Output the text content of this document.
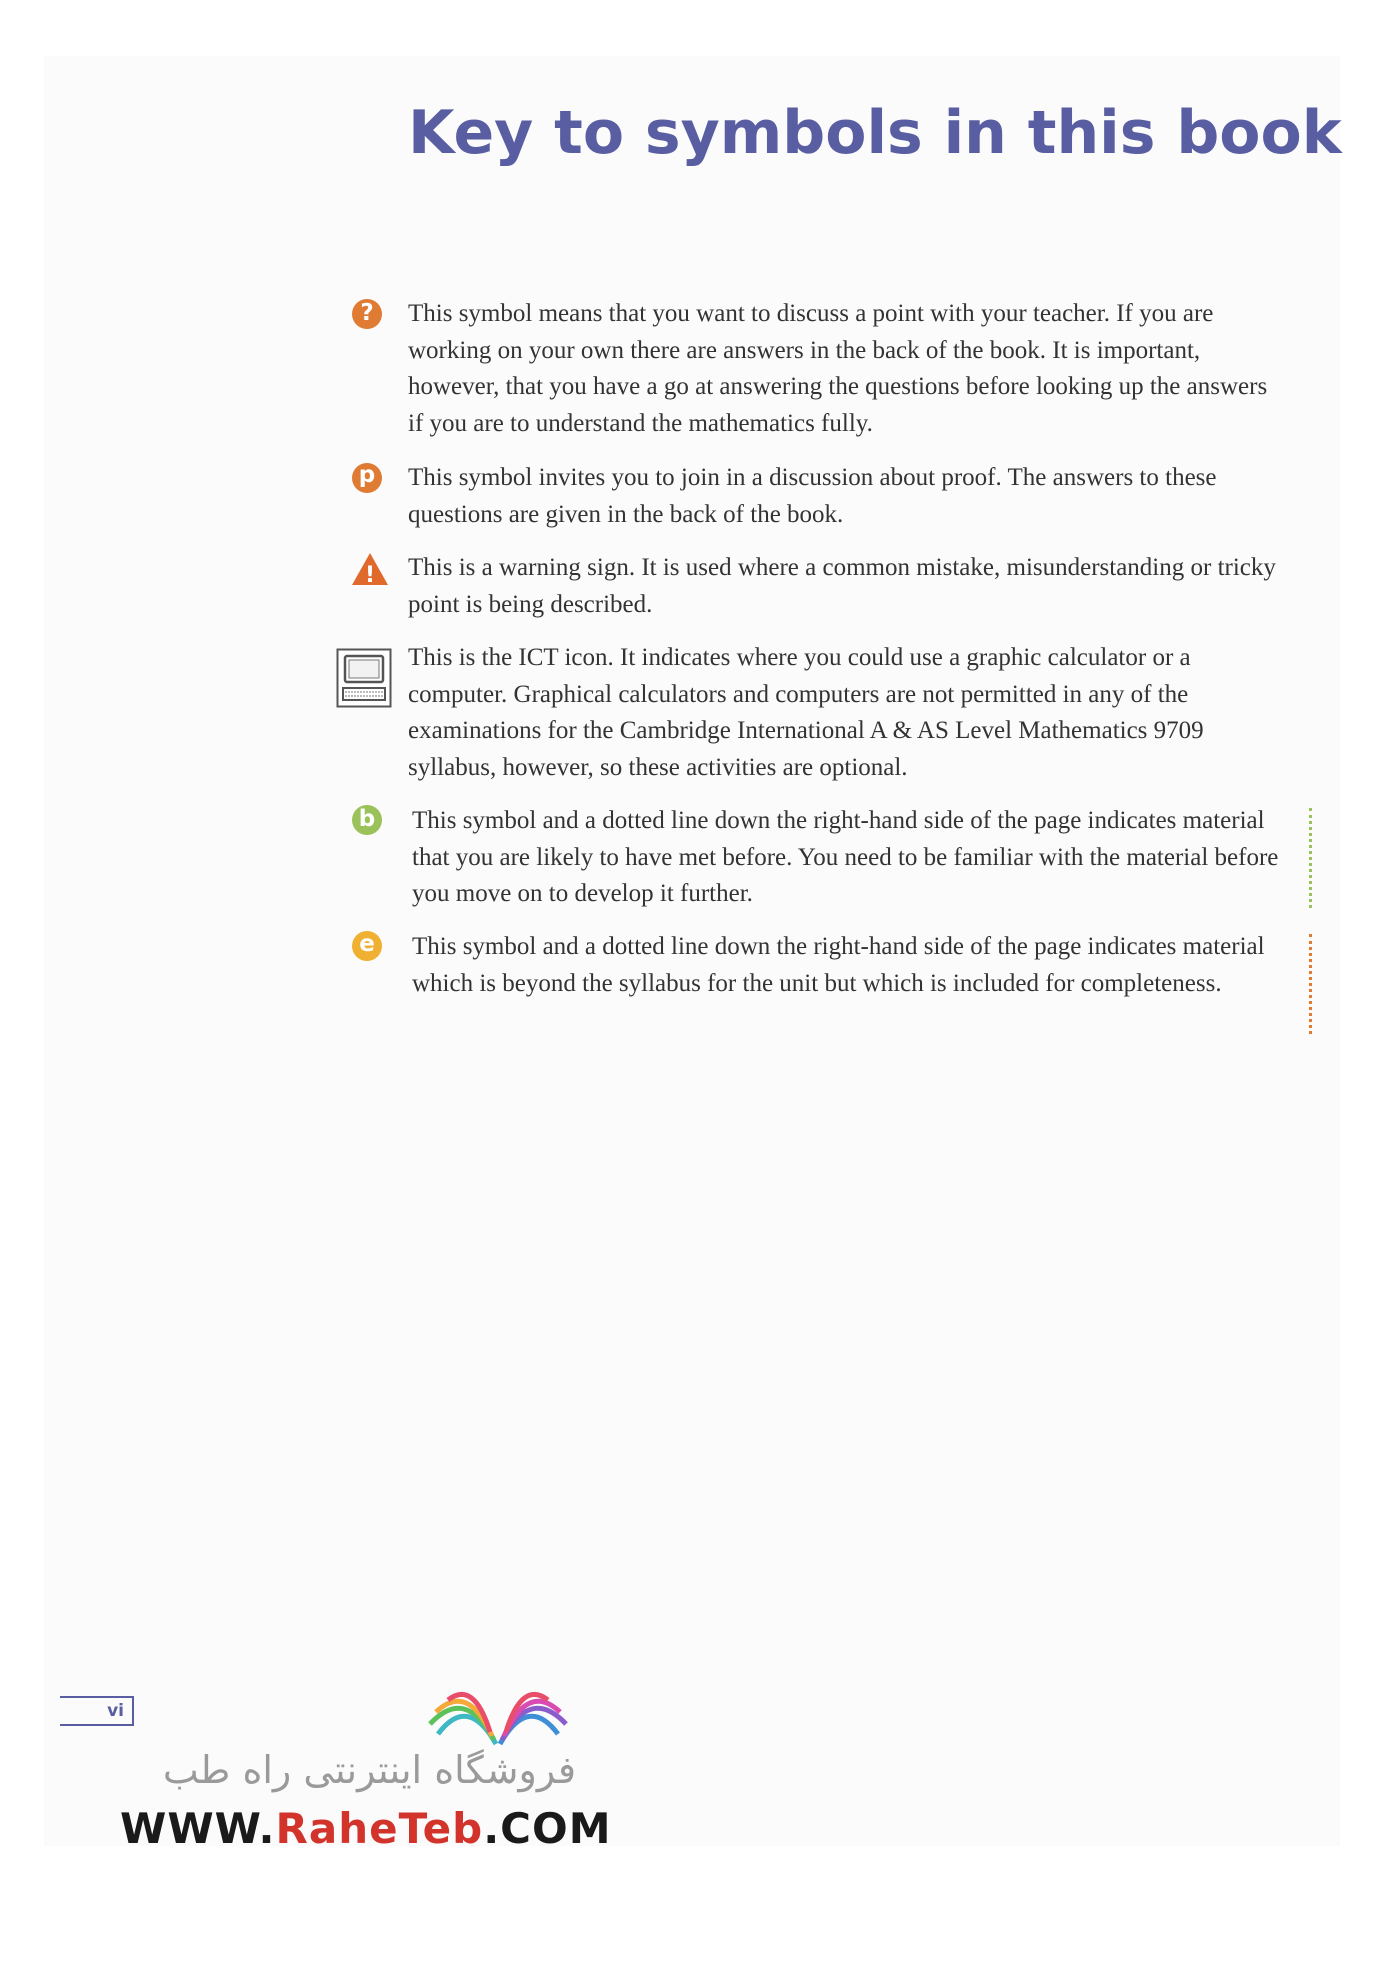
Key to symbols in this book
?	This symbol means that you want to discuss a point with your teacher. If you are working on your own there are answers in the back of the book. It is important, however, that you have a go at answering the questions before looking up the answers if you are to understand the mathematics fully.

p This symbol invites you to join in a discussion about proof. The answers to these questions are given in the back of the book.

! This is a warning sign. It is used where a common mistake, misunderstanding or tricky point is being described.

This is the ICT icon. It indicates where you could use a graphic calculator or a computer. Graphical calculators and computers are not permitted in any of the examinations for the Cambridge International A & AS Level Mathematics 9709 syllabus, however, so these activities are optional.

b This symbol and a dotted line down the right-hand side of the page indicates material that you are likely to have met before. You need to be familiar with the material before you move on to develop it further.

e This symbol and a dotted line down the right-hand side of the page indicates material which is beyond the syllabus for the unit but which is included for completeness.

vi
فروشگاه اینترنتی راه طب
WWW.RaheTeb.COM
